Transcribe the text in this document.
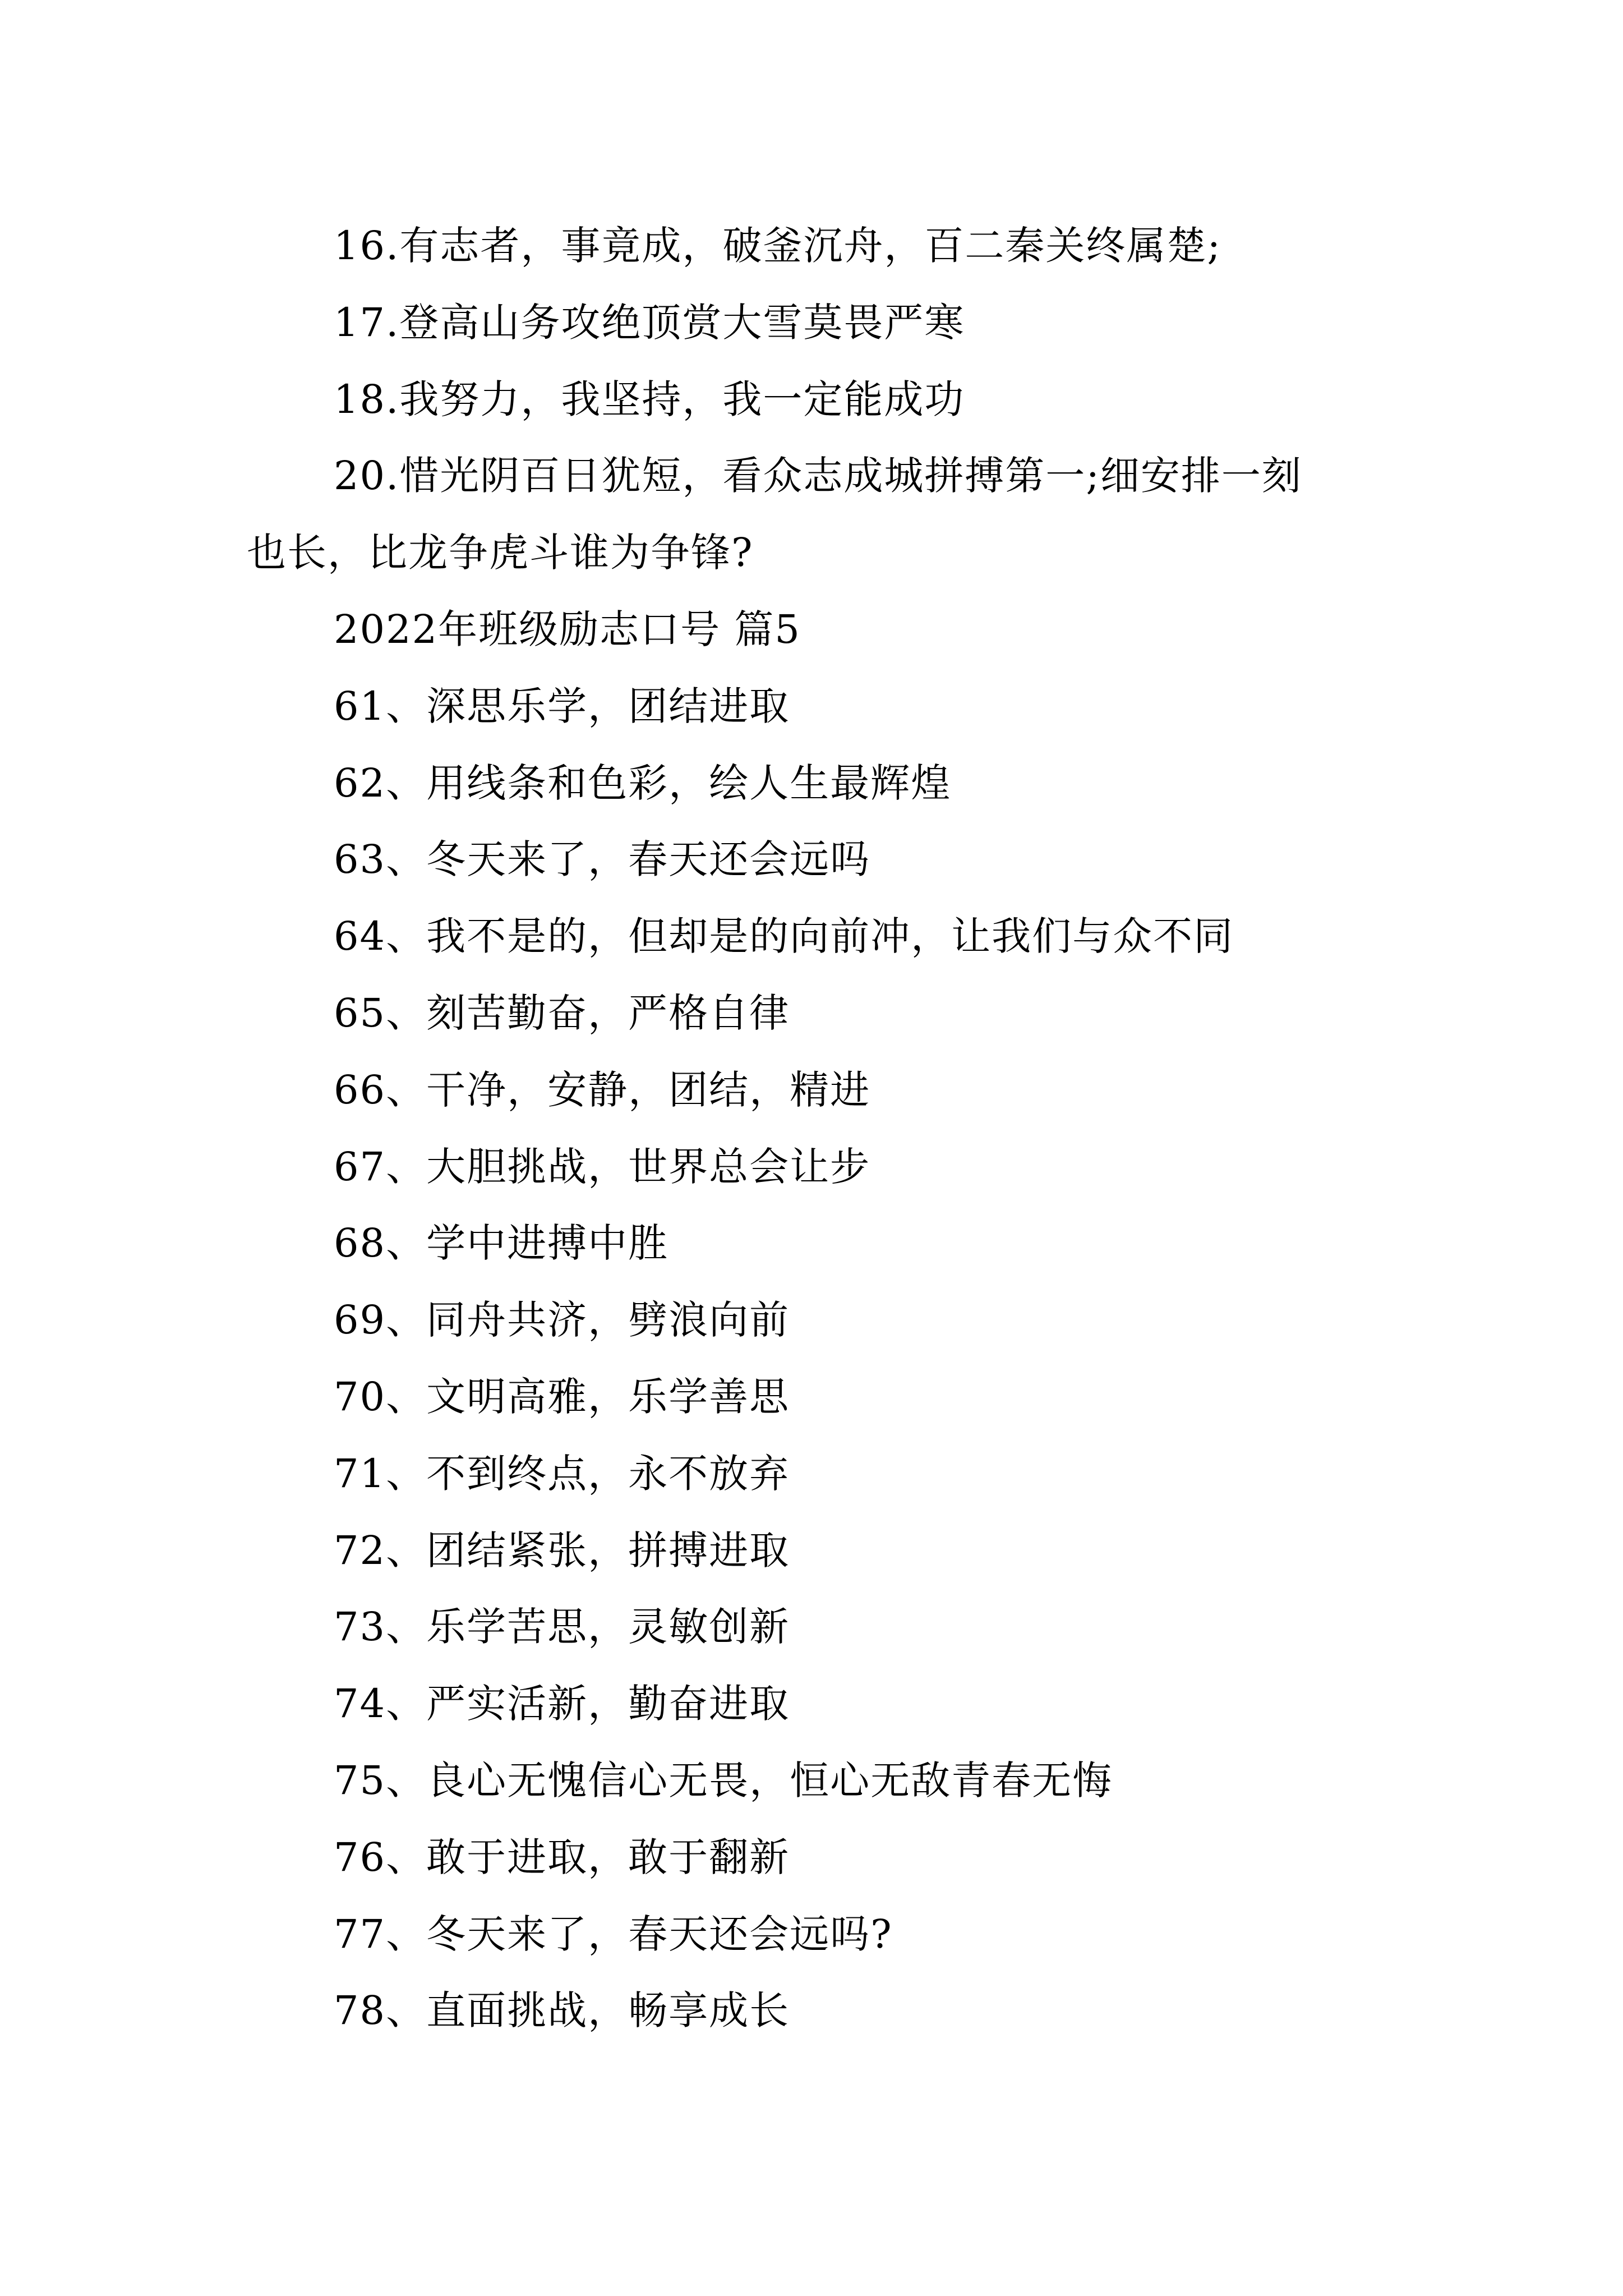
16.有志者，事竟成，破釜沉舟，百二秦关终属楚;
17.登高山务攻绝顶赏大雪莫畏严寒
18.我努力，我坚持，我一定能成功
20.惜光阴百日犹短，看众志成城拼搏第一;细安排一刻
也长，比龙争虎斗谁为争锋?
2022年班级励志口号 篇5
61、深思乐学，团结进取
62、用线条和色彩，绘人生最辉煌
63、冬天来了，春天还会远吗
64、我不是的，但却是的向前冲，让我们与众不同
65、刻苦勤奋，严格自律
66、干净，安静，团结，精进
67、大胆挑战，世界总会让步
68、学中进搏中胜
69、同舟共济，劈浪向前
70、文明高雅，乐学善思
71、不到终点，永不放弃
72、团结紧张，拼搏进取
73、乐学苦思，灵敏创新
74、严实活新，勤奋进取
75、良心无愧信心无畏，恒心无敌青春无悔
76、敢于进取，敢于翻新
77、冬天来了，春天还会远吗?
78、直面挑战，畅享成长
